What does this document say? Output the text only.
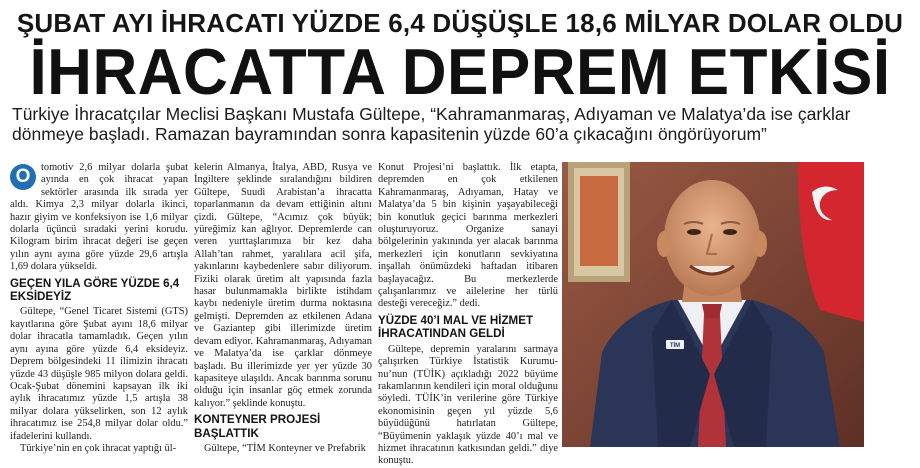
ŞUBAT AYI İHRACATI YÜZDE 6,4 DÜŞÜŞLE 18,6 MİLYAR DOLAR OLDU
İHRACATTA DEPREM ETKİSİ
Türkiye İhracatçılar Meclisi Başkanı Mustafa Gültepe, “Kahramanmaraş, Adıyaman ve Malatya’da ise çarklar dönmeye başladı. Ramazan bayramından sonra kapasitenin yüzde 60’a çıkacağını öngörüyorum”
O	tomotiv 2,6 milyar dolarla şubat ayında en çok ihracat yapan sektörler arasında ilk sırada yer aldı. Kimya 2,3 milyar dolarla ikinci, hazır giyim ve konfeksiyon ise 1,6 milyar dolarla üçüncü sıradaki yerini korudu. Kilogram birim ihracat değeri ise geçen yılın aynı ayına göre yüzde 29,6 artışla 1,69 dolara yükseldi.

GEÇEN YILA GÖRE YÜZDE 6,4 EKSİDEYİZ

Gültepe, “Genel Ticaret Sistemi (GTS) kayıtlarına göre Şubat ayını 18,6 milyar dolar ihracatla tamamladık. Geçen yılın aynı ayına göre yüzde 6,4 eksideyiz. Deprem bölgesindeki 11 ilimizin ihracatı yüzde 43 düşüşle 985 milyon dolara geldi. Ocak-Şubat dönemini kapsayan ilk iki aylık ihracatımız yüzde 1,5 artışla 38 milyar dolara yükselirken, son 12 aylık ihracatımız ise 254,8 milyar dolar oldu.” ifadelerini kullandı.

Türkiye’nin en çok ihracat yaptığı ül-

kelerin Almanya, İtalya, ABD, Rusya ve İngiltere şeklinde sıralandığını bildiren Gültepe, Suudi Arabistan’a ihracatta toparlanmanın da devam ettiğinin altını çizdi. Gültepe, “Acımız çok büyük; yüreğimiz kan ağlıyor. Depremlerde can veren yurttaşlarımıza bir kez daha Allah’tan rahmet, yaralılara acil şifa, yakınlarını kaybedenlere sabır diliyorum. Fiziki olarak üretim alt yapısında fazla hasar bulunmamakla birlikte istihdam kaybı nedeniyle üretim durma noktasına gelmişti. Depremden az etkilenen Adana ve Gaziantep gibi illerimizde üretim devam ediyor. Kahramanmaraş, Adıyaman ve Malatya’da ise çarklar dönmeye başladı. Bu illerimizde yer yer yüzde 30 kapasiteye ulaşıldı. Ancak barınma sorunu olduğu için insanlar göç etmek zorunda kalıyor.” şeklinde konuştu.

KONTEYNER PROJESİ BAŞLATTIK

Gültepe, “TİM Konteyner ve Prefabrik

Konut Projesi’ni başlattık. İlk etapta, depremden en çok etkilenen Kahramanmaraş, Adıyaman, Hatay ve Malatya’da 5 bin kişinin yaşayabileceği bin konutluk geçici barınma merkezleri oluşturuyoruz. Organize sanayi bölgelerinin yakınında yer alacak barınma merkezleri için konutların sevkiyatına inşallah önümüzdeki haftadan itibaren başlayacağız. Bu merkezlerde çalışanlarımız ve ailelerine her türlü desteği vereceğiz.” dedi.

YÜZDE 40’I MAL VE HİZMET İHRACATINDAN GELDİ

Gültepe, depremin yaralarını sarmaya çalışırken Türkiye İstatistik Kurumu-nu’nun (TÜİK) açıkladığı 2022 büyüme rakamlarının kendileri için moral olduğunu söyledi. TÜİK’in verilerine göre Türkiye ekonomisinin geçen yıl yüzde 5,6 büyüdüğünü hatırlatan Gültepe, “Büyümenin yaklaşık yüzde 40’ı mal ve hizmet ihracatının katkısından geldi.” diye konuştu.

TİM
